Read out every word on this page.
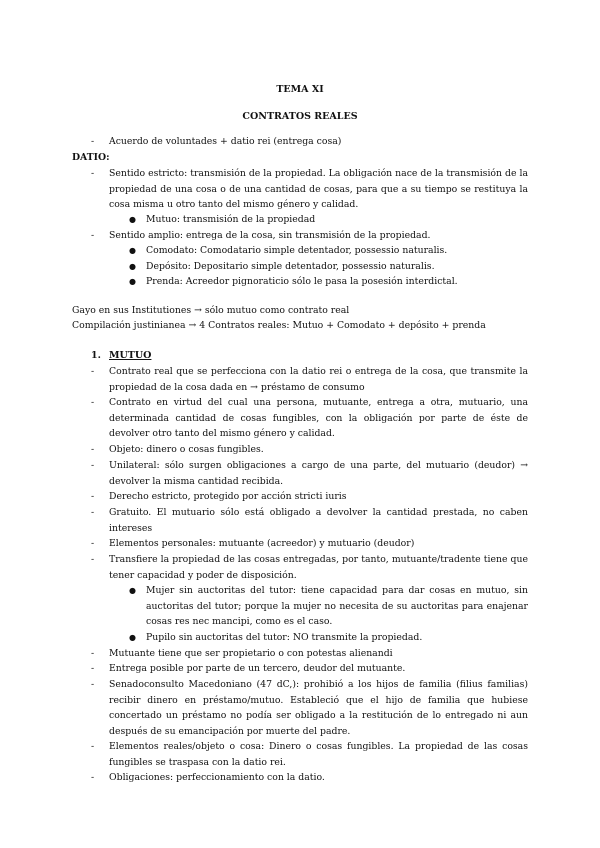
TEMA XI
CONTRATOS REALES
- Acuerdo de voluntades + datio rei (entrega cosa)
DATIO:
- Sentido estricto: transmisión de la propiedad. La obligación nace de la transmisión de la propiedad de una cosa o de una cantidad de cosas, para que a su tiempo se restituya la cosa misma u otro tanto del mismo género y calidad.
● Mutuo: transmisión de la propiedad
- Sentido amplio: entrega de la cosa, sin transmisión de la propiedad.
● Comodato: Comodatario simple detentador, possessio naturalis.
● Depósito: Depositario simple detentador, possessio naturalis.
● Prenda: Acreedor pignoraticio sólo le pasa la posesión interdictal.
Gayo en sus Institutiones → sólo mutuo como contrato real
Compilación justinianea → 4 Contratos reales: Mutuo + Comodato + depósito + prenda
1. MUTUO
- Contrato real que se perfecciona con la datio rei o entrega de la cosa, que transmite la propiedad de la cosa dada en → préstamo de consumo
- Contrato en virtud del cual una persona, mutuante, entrega a otra, mutuario, una determinada cantidad de cosas fungibles, con la obligación por parte de éste de devolver otro tanto del mismo género y calidad.
- Objeto: dinero o cosas fungibles.
- Unilateral: sólo surgen obligaciones a cargo de una parte, del mutuario (deudor) → devolver la misma cantidad recibida.
- Derecho estricto, protegido por acción stricti iuris
- Gratuito. El mutuario sólo está obligado a devolver la cantidad prestada, no caben intereses
- Elementos personales: mutuante (acreedor) y mutuario (deudor)
- Transfiere la propiedad de las cosas entregadas, por tanto, mutuante/tradente tiene que tener capacidad y poder de disposición.
● Mujer sin auctoritas del tutor: tiene capacidad para dar cosas en mutuo, sin auctoritas del tutor; porque la mujer no necesita de su auctoritas para enajenar cosas res nec mancipi, como es el caso.
● Pupilo sin auctoritas del tutor: NO transmite la propiedad.
- Mutuante tiene que ser propietario o con potestas alienandi
- Entrega posible por parte de un tercero, deudor del mutuante.
- Senadoconsulto Macedoniano (47 dC,): prohibió a los hijos de familia (filius familias) recibir dinero en préstamo/mutuo. Estableció que el hijo de familia que hubiese concertado un préstamo no podía ser obligado a la restitución de lo entregado ni aun después de su emancipación por muerte del padre.
- Elementos reales/objeto o cosa: Dinero o cosas fungibles. La propiedad de las cosas fungibles se traspasa con la datio rei.
- Obligaciones: perfeccionamiento con la datio.
